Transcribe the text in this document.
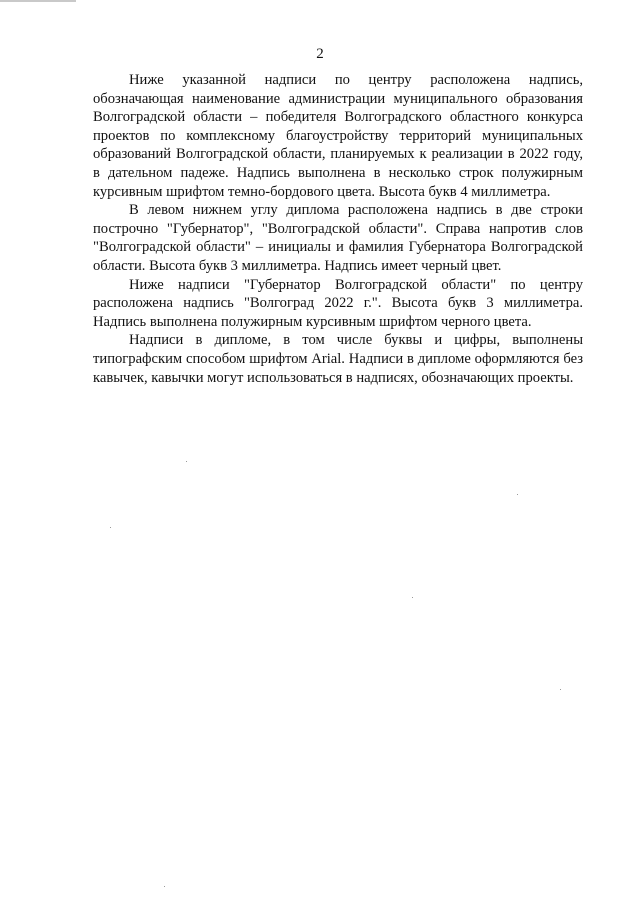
2

Ниже указанной надписи по центру расположена надпись, обозначающая наименование администрации муниципального образования Волгоградской области – победителя Волгоградского областного конкурса проектов по комплексному благоустройству территорий муниципальных образований Волгоградской области, планируемых к реализации в 2022 году, в дательном падеже. Надпись выполнена в несколько строк полужирным курсивным шрифтом темно-бордового цвета. Высота букв 4 миллиметра.

В левом нижнем углу диплома расположена надпись в две строки построчно "Губернатор", "Волгоградской области". Справа напротив слов "Волгоградской области" – инициалы и фамилия Губернатора Волгоградской области. Высота букв 3 миллиметра. Надпись имеет черный цвет.

Ниже надписи "Губернатор Волгоградской области" по центру расположена надпись "Волгоград 2022 г.". Высота букв 3 миллиметра. Надпись выполнена полужирным курсивным шрифтом черного цвета.

Надписи в дипломе, в том числе буквы и цифры, выполнены типографским способом шрифтом Arial. Надписи в дипломе оформляются без кавычек, кавычки могут использоваться в надписях, обозначающих проекты.
